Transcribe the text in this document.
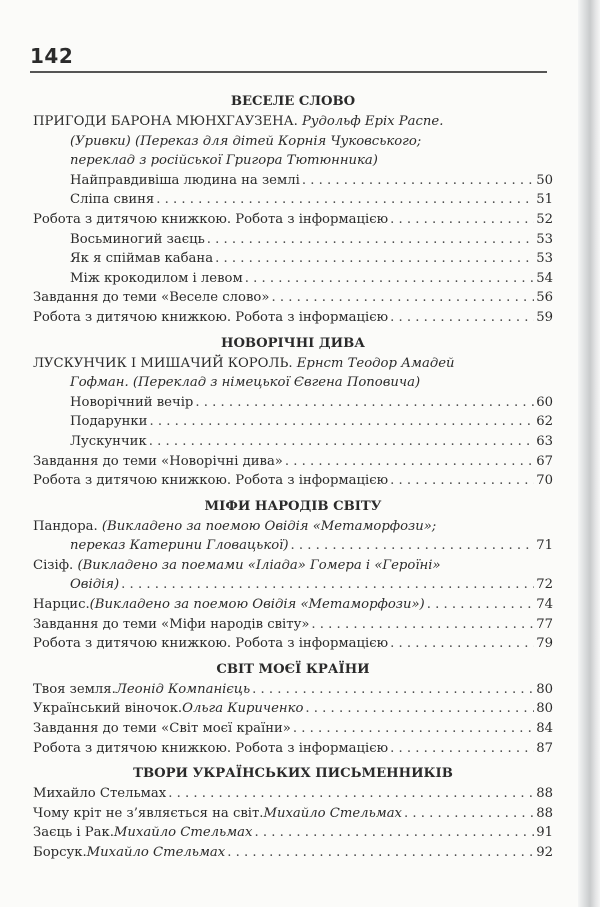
142
ВЕСЕЛЕ СЛОВО
ПРИГОДИ БАРОНА МЮНХГАУЗЕНА. Рудольф Еріх Распе.
(Уривки) (Переказ для дітей Корнія Чуковського;
переклад з російської Григора Тютюнника)
Найправдивіша людина на землі . . .	50
Сліпа свиня . . .	51
Робота з дитячою книжкою. Робота з інформацією . . .	52
Восьминогий заєць . . .	53
Як я спіймав кабана . . .	53
Між крокодилом і левом . . .	54
Завдання до теми «Веселе слово» . . .	56
Робота з дитячою книжкою. Робота з інформацією . . .	59
НОВОРІЧНІ ДИВА
ЛУСКУНЧИК І МИШАЧИЙ КОРОЛЬ. Ернст Теодор Амадей
Гофман. (Переклад з німецької Євгена Поповича)
Новорічний вечір . . .	60
Подарунки . . .	62
Лускунчик . . .	63
Завдання до теми «Новорічні дива» . . .	67
Робота з дитячою книжкою. Робота з інформацією . . .	70
МІФИ НАРОДІВ СВІТУ
Пандора. (Викладено за поемою Овідія «Метаморфози»;
переказ Катерини Гловацької) . . .	71
Сізіф. (Викладено за поемами «Іліада» Гомера і «Героїні»
Овідія) . . .	72
Нарцис. (Викладено за поемою Овідія «Метаморфози») . . .	74
Завдання до теми «Міфи народів світу» . . .	77
Робота з дитячою книжкою. Робота з інформацією . . .	79
СВІТ МОЄЇ КРАЇНИ
Твоя земля. Леонід Компанієць . . .	80
Український віночок. Ольга Кириченко . . .	80
Завдання до теми «Світ моєї країни» . . .	84
Робота з дитячою книжкою. Робота з інформацією . . .	87
ТВОРИ УКРАЇНСЬКИХ ПИСЬМЕННИКІВ
Михайло Стельмах . . .	88
Чому кріт не з’являється на світ. Михайло Стельмах . . .	88
Заєць і Рак. Михайло Стельмах . . .	91
Борсук. Михайло Стельмах . . .	92
